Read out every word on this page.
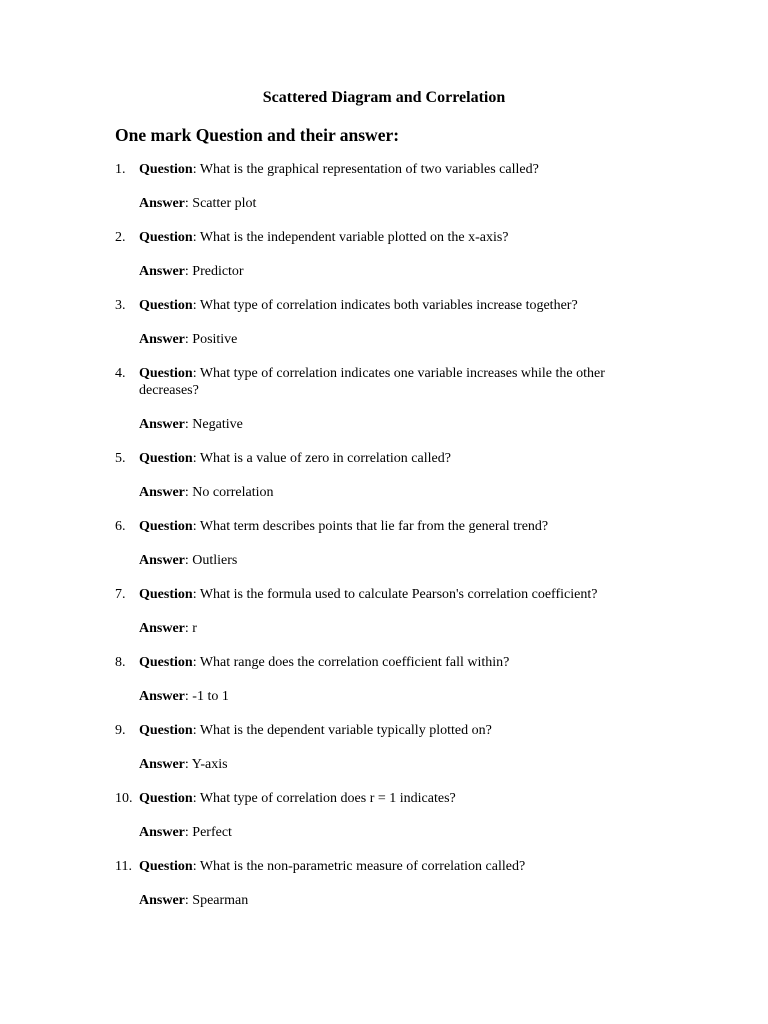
Scattered Diagram and Correlation
One mark Question and their answer:
1. Question: What is the graphical representation of two variables called?
Answer: Scatter plot
2. Question: What is the independent variable plotted on the x-axis?
Answer: Predictor
3. Question: What type of correlation indicates both variables increase together?
Answer: Positive
4. Question: What type of correlation indicates one variable increases while the other decreases?
Answer: Negative
5. Question: What is a value of zero in correlation called?
Answer: No correlation
6. Question: What term describes points that lie far from the general trend?
Answer: Outliers
7. Question: What is the formula used to calculate Pearson's correlation coefficient?
Answer: r
8. Question: What range does the correlation coefficient fall within?
Answer: -1 to 1
9. Question: What is the dependent variable typically plotted on?
Answer: Y-axis
10. Question: What type of correlation does r = 1 indicates?
Answer: Perfect
11. Question: What is the non-parametric measure of correlation called?
Answer: Spearman
